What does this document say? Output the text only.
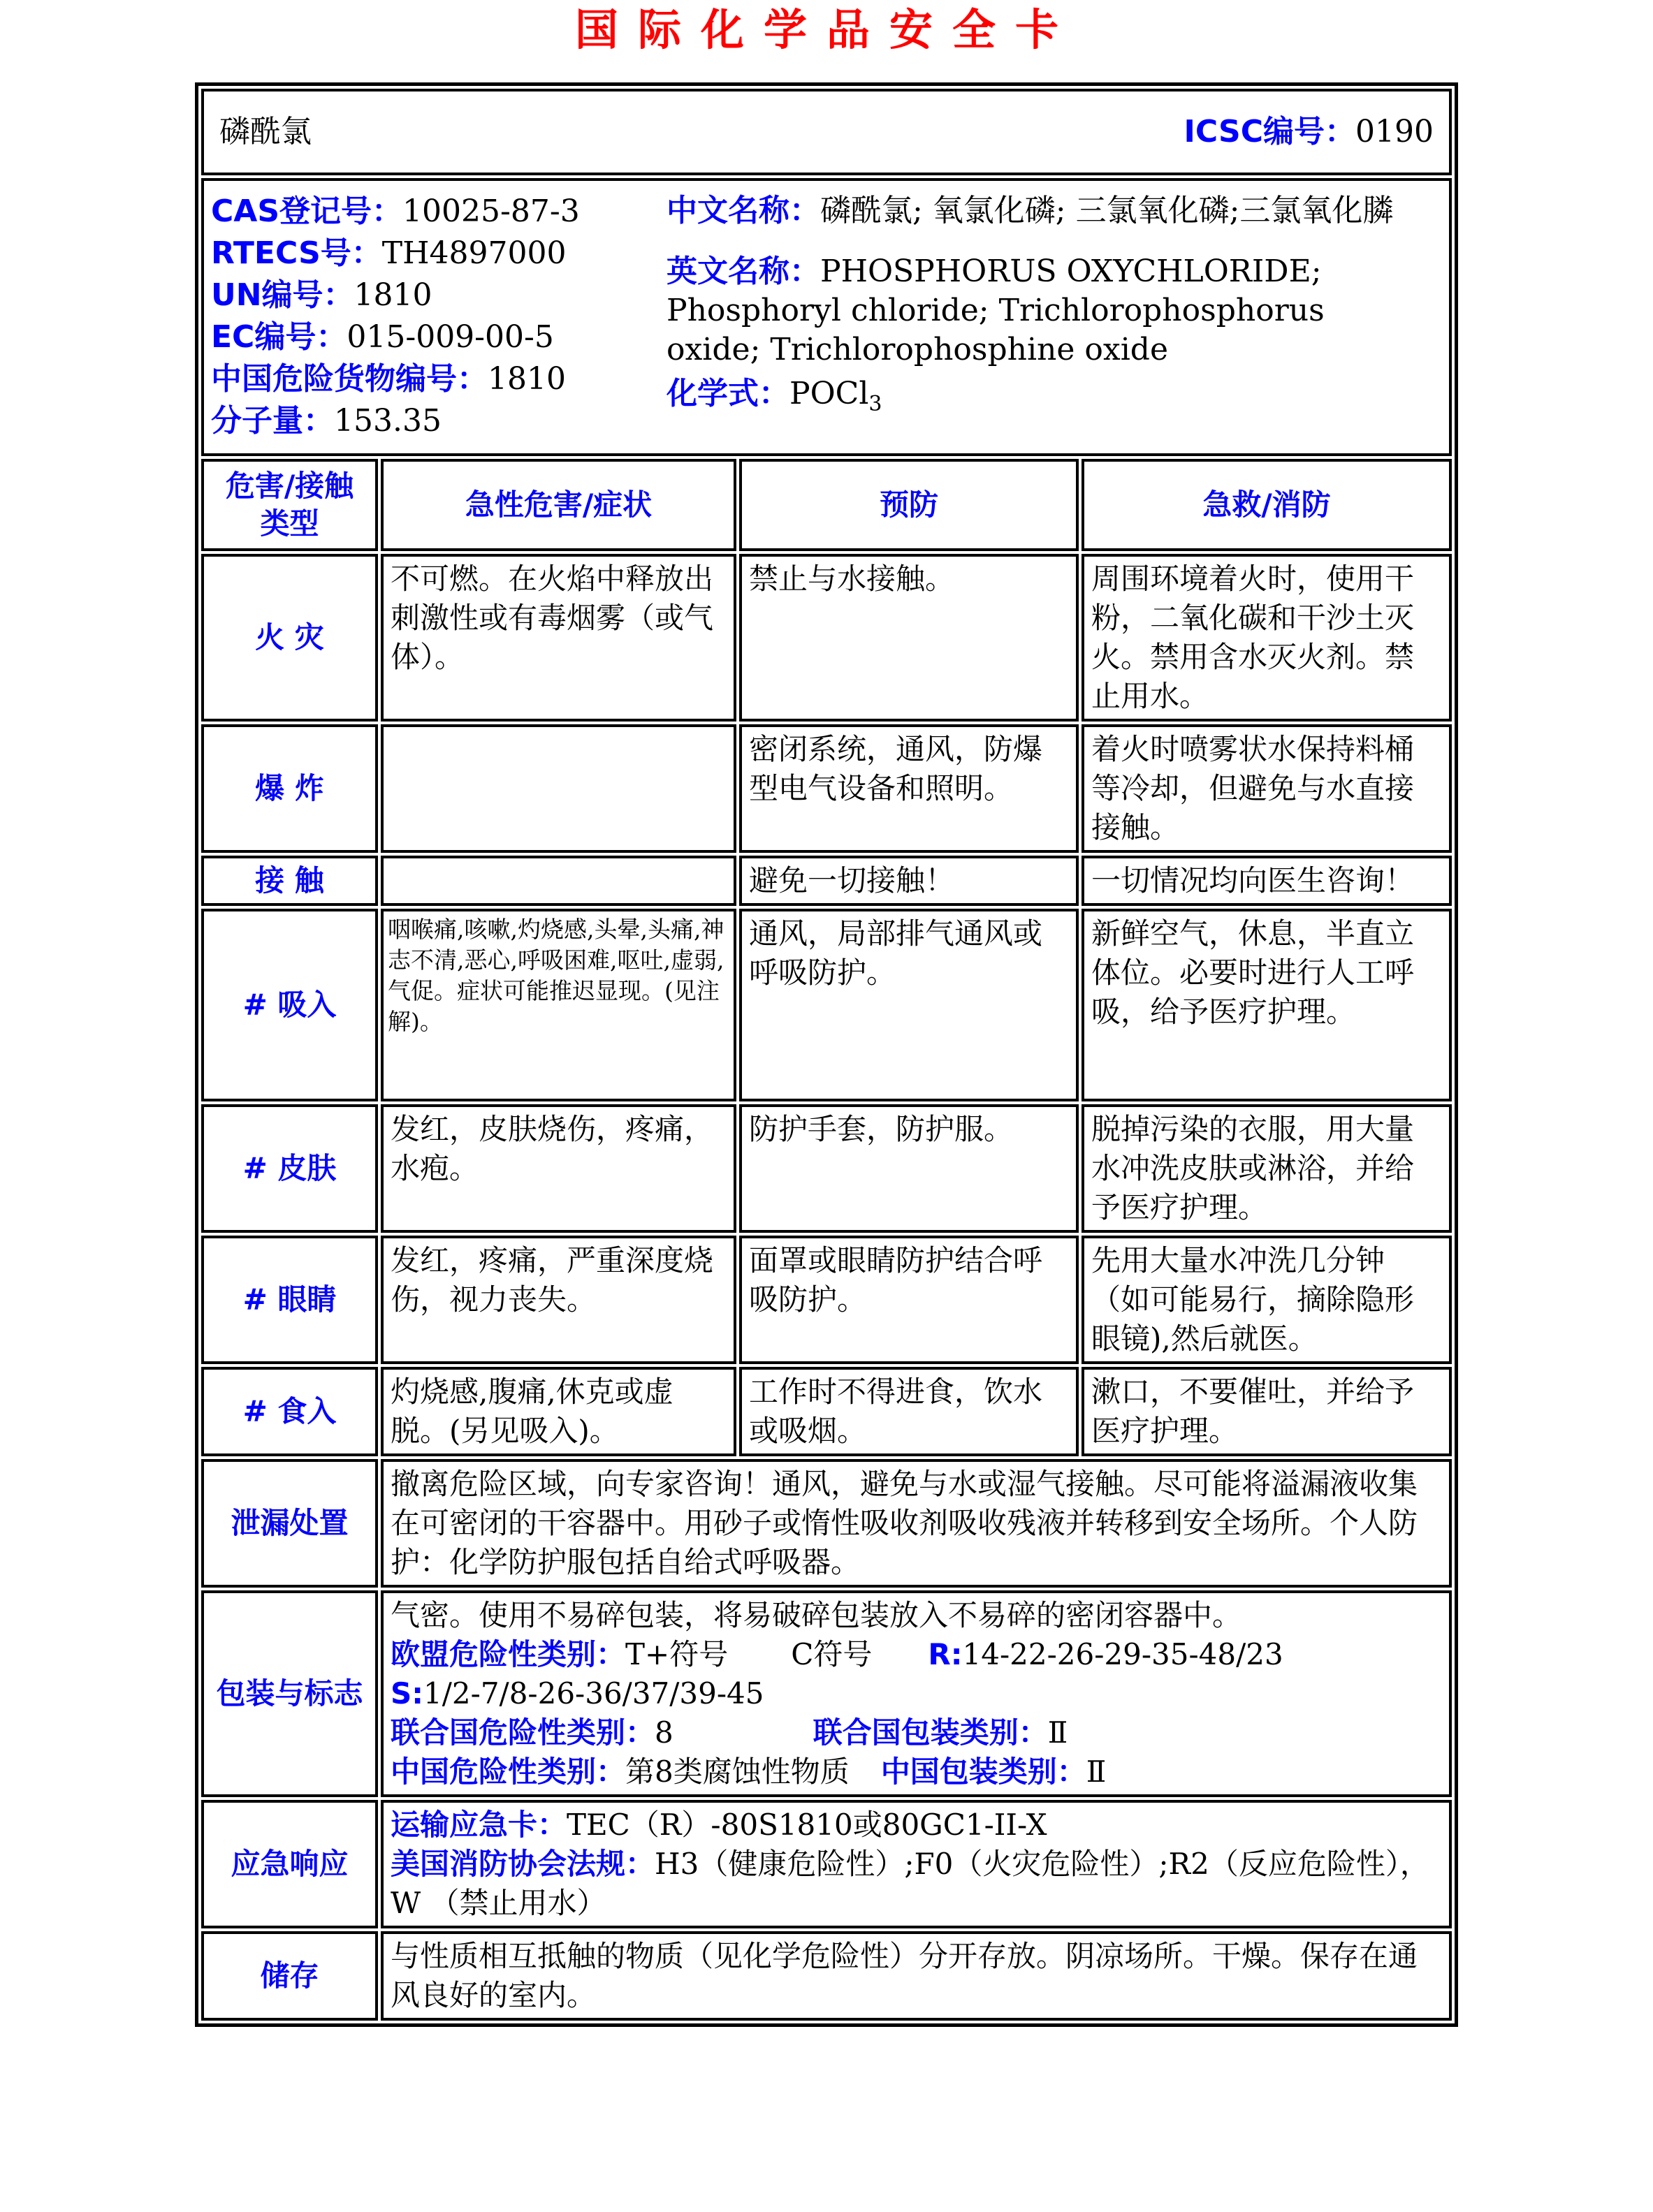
国际化学品安全卡
磷酰氯 ICSC编号：0190			

CAS登记号：10025-87-3
RTECS号：TH4897000
UN编号：1810
EC编号：015-009-00-5
中国危险货物编号：1810
分子量：153.35

中文名称：磷酰氯; 氧氯化磷; 三氯氧化磷;三氯氧化膦

英文名称：PHOSPHORUS OXYCHLORIDE; Phosphoryl chloride; Trichlorophosphorus oxide; Trichlorophosphine oxide

化学式：POCl$_3$

危害/接触类型	急性危害/症状	预防	急救/消防
火 灾	不可燃。在火焰中释放出刺激性或有毒烟雾（或气体）。	禁止与水接触。	周围环境着火时，使用干粉，二氧化碳和干沙土灭火。禁用含水灭火剂。禁止用水。
爆 炸		密闭系统，通风，防爆型电气设备和照明。	着火时喷雾状水保持料桶等冷却，但避免与水直接接触。
接 触		避免一切接触！	一切情况均向医生咨询！
# 吸入	咽喉痛,咳嗽,灼烧感,头晕,头痛,神志不清,恶心,呼吸困难,呕吐,虚弱,气促。症状可能推迟显现。(见注解)。	通风，局部排气通风或呼吸防护。	新鲜空气，休息，半直立体位。必要时进行人工呼吸，给予医疗护理。
# 皮肤	发红，皮肤烧伤，疼痛，水疱。	防护手套，防护服。	脱掉污染的衣服，用大量水冲洗皮肤或淋浴，并给予医疗护理。
# 眼睛	发红，疼痛，严重深度烧伤，视力丧失。	面罩或眼睛防护结合呼吸防护。	先用大量水冲洗几分钟（如可能易行，摘除隐形眼镜),然后就医。
# 食入	灼烧感,腹痛,休克或虚脱。(另见吸入)。	工作时不得进食，饮水或吸烟。	漱口，不要催吐，并给予医疗护理。
泄漏处置	撤离危险区域，向专家咨询！通风，避免与水或湿气接触。尽可能将溢漏液收集在可密闭的干容器中。用砂子或惰性吸收剂吸收残液并转移到安全场所。个人防护：化学防护服包括自给式呼吸器。		
包装与标志	气密。使用不易碎包装，将易破碎包装放入不易碎的密闭容器中。
欧盟危险性类别：T+符号 C符号 R:14-22-26-29-35-48/23
S:1/2-7/8-26-36/37/39-45
联合国危险性类别：8 联合国包装类别：Ⅱ
中国危险性类别：第8类腐蚀性物质 中国包装类别：Ⅱ		

应急响应	运输应急卡：TEC（R）-80S1810或80GC1-II-X
美国消防协会法规：H3（健康危险性）;F0（火灾危险性）;R2（反应危险性），W （禁止用水）		

储存	与性质相互抵触的物质（见化学危险性）分开存放。阴凉场所。干燥。保存在通风良好的室内。		
